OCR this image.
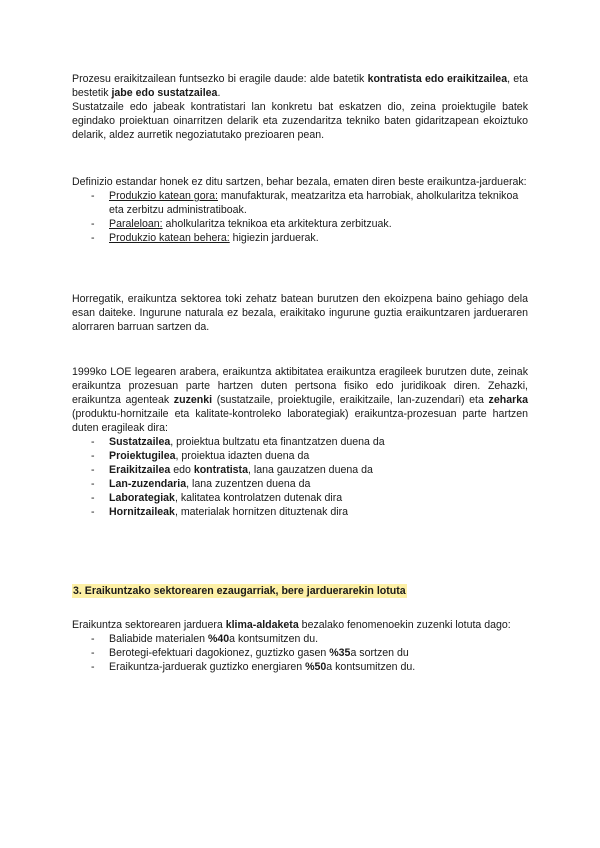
Prozesu eraikitzailean funtsezko bi eragile daude: alde batetik kontratista edo eraikitzailea, eta bestetik jabe edo sustatzailea.

Sustatzaile edo jabeak kontratistari lan konkretu bat eskatzen dio, zeina proiektugile batek egindako proiektuan oinarritzen delarik eta zuzendaritza tekniko baten gidaritzapean ekoiztuko delarik, aldez aurretik negoziatutako prezioaren pean.

Definizio estandar honek ez ditu sartzen, behar bezala, ematen diren beste eraikuntza-jarduerak:

- Produkzio katean gora: manufakturak, meatzaritza eta harrobiak, aholkularitza teknikoa eta zerbitzu administratiboak.
- Paraleloan: aholkularitza teknikoa eta arkitektura zerbitzuak.
- Produkzio katean behera: higiezin jarduerak.

Horregatik, eraikuntza sektorea toki zehatz batean burutzen den ekoizpena baino gehiago dela esan daiteke. Ingurune naturala ez bezala, eraikitako ingurune guztia eraikuntzaren jardueraren alorraren barruan sartzen da.

1999ko LOE legearen arabera, eraikuntza aktibitatea eraikuntza eragileek burutzen dute, zeinak eraikuntza prozesuan parte hartzen duten pertsona fisiko edo juridikoak diren. Zehazki, eraikuntza agenteak zuzenki (sustatzaile, proiektugile, eraikitzaile, lan-zuzendari) eta zeharka (produktu-hornitzaile eta kalitate-kontroleko laborategiak) eraikuntza-prozesuan parte hartzen duten eragileak dira:

- Sustatzailea, proiektua bultzatu eta finantzatzen duena da
- Proiektugilea, proiektua idazten duena da
- Eraikitzailea edo kontratista, lana gauzatzen duena da
- Lan-zuzendaria, lana zuzentzen duena da
- Laborategiak, kalitatea kontrolatzen dutenak dira
- Hornitzaileak, materialak hornitzen dituztenak dira
3. Eraikuntzako sektorearen ezaugarriak, bere jarduerarekin lotuta

Eraikuntza sektorearen jarduera klima-aldaketa bezalako fenomenoekin zuzenki lotuta dago:

- Baliabide materialen %40a kontsumitzen du.
- Berotegi-efektuari dagokionez, guztizko gasen %35a sortzen du
- Eraikuntza-jarduerak guztizko energiaren %50a kontsumitzen du.
